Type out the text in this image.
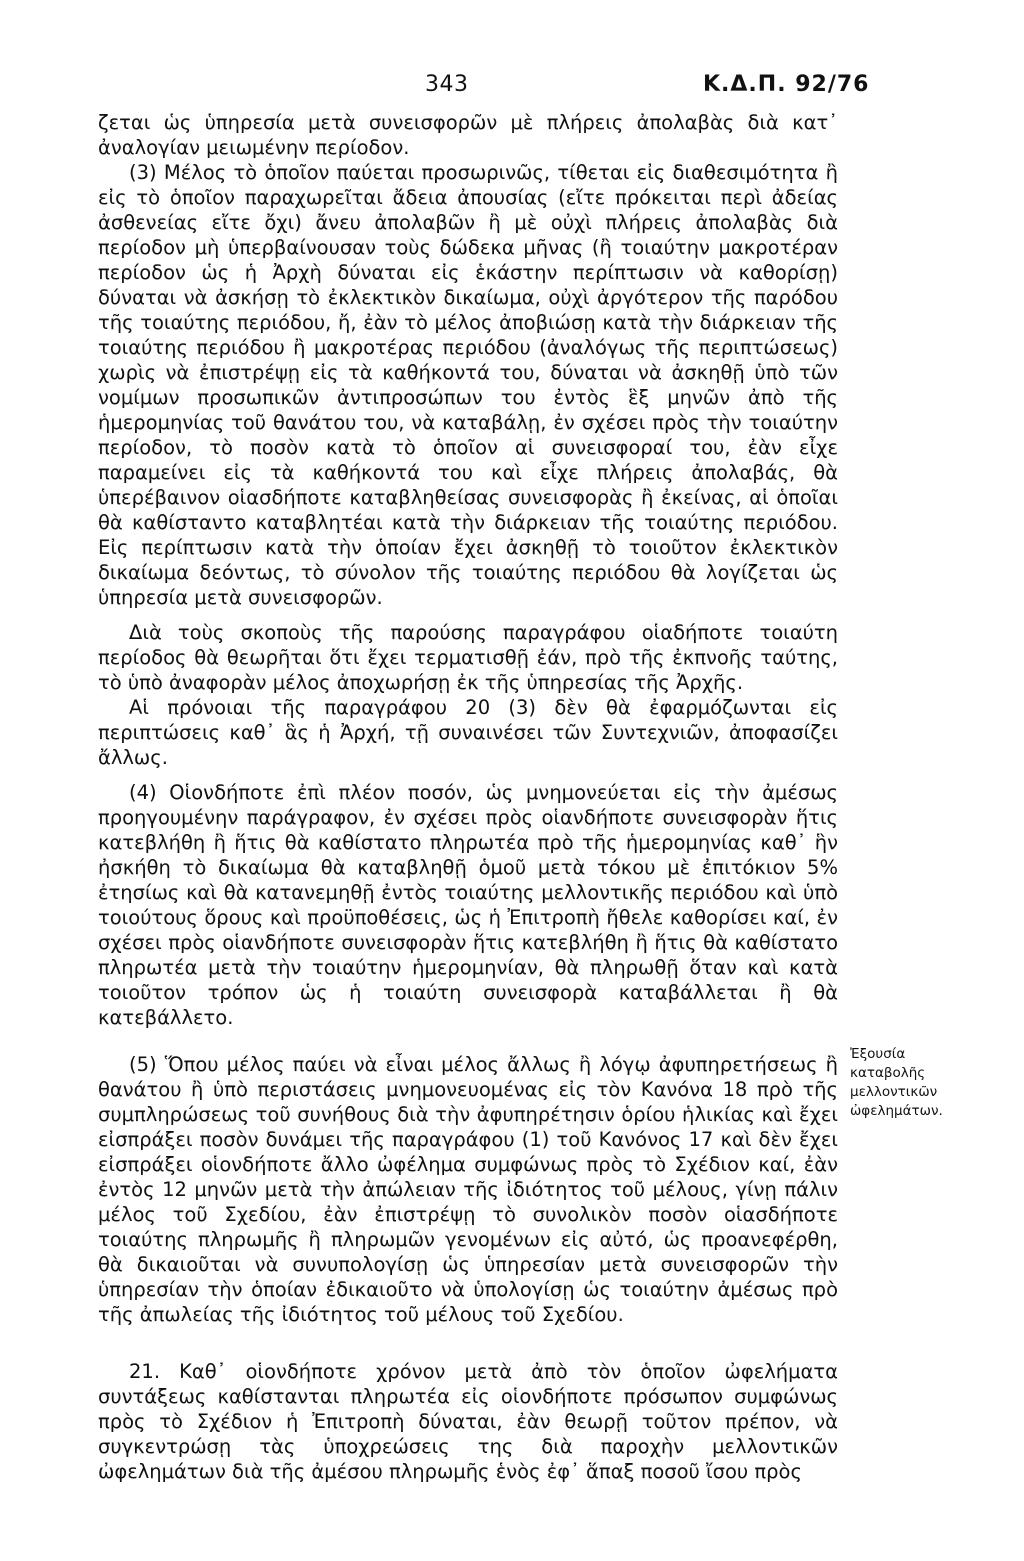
343	Κ.Δ.Π. 92/76

ζεται ὡς ὑπηρεσία μετὰ συνεισφορῶν μὲ πλήρεις ἀπολαβὰς διὰ κατ᾽ ἀναλογίαν μειωμένην περίοδον.

(3) Μέλος τὸ ὁποῖον παύεται προσωρινῶς, τίθεται εἰς διαθεσιμότητα ἢ εἰς τὸ ὁποῖον παραχωρεῖται ἄδεια ἀπουσίας (εἴτε πρόκειται περὶ ἀδείας ἀσθενείας εἴτε ὄχι) ἄνευ ἀπολαβῶν ἢ μὲ οὐχὶ πλήρεις ἀπολαβὰς διὰ περίοδον μὴ ὑπερβαίνουσαν τοὺς δώδεκα μῆνας (ἢ τοιαύτην μακροτέραν περίοδον ὡς ἡ Ἀρχὴ δύναται εἰς ἑκάστην περίπτωσιν νὰ καθορίσῃ) δύναται νὰ ἀσκήσῃ τὸ ἐκλεκτικὸν δικαίωμα, οὐχὶ ἀργότερον τῆς παρόδου τῆς τοιαύτης περιόδου, ἤ, ἐὰν τὸ μέλος ἀποβιώσῃ κατὰ τὴν διάρκειαν τῆς τοιαύτης περιόδου ἢ μακροτέρας περιόδου (ἀναλόγως τῆς περιπτώσεως) χωρὶς νὰ ἐπιστρέψῃ εἰς τὰ καθήκοντά του, δύναται νὰ ἀσκηθῇ ὑπὸ τῶν νομίμων προσωπικῶν ἀντιπροσώπων του ἐντὸς ἓξ μηνῶν ἀπὸ τῆς ἡμερομηνίας τοῦ θανάτου του, νὰ καταβάλῃ, ἐν σχέσει πρὸς τὴν τοιαύτην περίοδον, τὸ ποσὸν κατὰ τὸ ὁποῖον αἱ συνεισφοραί του, ἐὰν εἶχε παραμείνει εἰς τὰ καθήκοντά του καὶ εἶχε πλήρεις ἀπολαβάς, θὰ ὑπερέβαινον οἱασδήποτε καταβληθείσας συνεισφορὰς ἢ ἐκείνας, αἱ ὁποῖαι θὰ καθίσταντο καταβλητέαι κατὰ τὴν διάρκειαν τῆς τοιαύτης περιόδου. Εἰς περίπτωσιν κατὰ τὴν ὁποίαν ἔχει ἀσκηθῇ τὸ τοιοῦτον ἐκλεκτικὸν δικαίωμα δεόντως, τὸ σύνολον τῆς τοιαύτης περιόδου θὰ λογίζεται ὡς ὑπηρεσία μετὰ συνεισφορῶν.

Διὰ τοὺς σκοποὺς τῆς παρούσης παραγράφου οἱαδήποτε τοιαύτη περίοδος θὰ θεωρῆται ὅτι ἔχει τερματισθῇ ἐάν, πρὸ τῆς ἐκπνοῆς ταύτης, τὸ ὑπὸ ἀναφορὰν μέλος ἀποχωρήσῃ ἐκ τῆς ὑπηρεσίας τῆς Ἀρχῆς.

Αἱ πρόνοιαι τῆς παραγράφου 20 (3) δὲν θὰ ἐφαρμόζωνται εἰς περιπτώσεις καθ᾽ ἃς ἡ Ἀρχή, τῇ συναινέσει τῶν Συντεχνιῶν, ἀποφασίζει ἄλλως.

(4) Οἱονδήποτε ἐπὶ πλέον ποσόν, ὡς μνημονεύεται εἰς τὴν ἀμέσως προηγουμένην παράγραφον, ἐν σχέσει πρὸς οἱανδήποτε συνεισφορὰν ἥτις κατεβλήθη ἢ ἥτις θὰ καθίστατο πληρωτέα πρὸ τῆς ἡμερομηνίας καθ᾽ ἣν ἠσκήθη τὸ δικαίωμα θὰ καταβληθῇ ὁμοῦ μετὰ τόκου μὲ ἐπιτόκιον 5% ἐτησίως καὶ θὰ κατανεμηθῇ ἐντὸς τοιαύτης μελλοντικῆς περιόδου καὶ ὑπὸ τοιούτους ὅρους καὶ προϋποθέσεις, ὡς ἡ Ἐπιτροπὴ ἤθελε καθορίσει καί, ἐν σχέσει πρὸς οἱανδήποτε συνεισφορὰν ἥτις κατεβλήθη ἢ ἥτις θὰ καθίστατο πληρωτέα μετὰ τὴν τοιαύτην ἡμερομηνίαν, θὰ πληρωθῇ ὅταν καὶ κατὰ τοιοῦτον τρόπον ὡς ἡ τοιαύτη συνεισφορὰ καταβάλλεται ἢ θὰ κατεβάλλετο.

(5) Ὅπου μέλος παύει νὰ εἶναι μέλος ἄλλως ἢ λόγῳ ἀφυπηρετήσεως ἢ θανάτου ἢ ὑπὸ περιστάσεις μνημονευομένας εἰς τὸν Κανόνα 18 πρὸ τῆς συμπληρώσεως τοῦ συνήθους διὰ τὴν ἀφυπηρέτησιν ὁρίου ἡλικίας καὶ ἔχει εἰσπράξει ποσὸν δυνάμει τῆς παραγράφου (1) τοῦ Κανόνος 17 καὶ δὲν ἔχει εἰσπράξει οἱονδήποτε ἄλλο ὠφέλημα συμφώνως πρὸς τὸ Σχέδιον καί, ἐὰν ἐντὸς 12 μηνῶν μετὰ τὴν ἀπώλειαν τῆς ἰδιότητος τοῦ μέλους, γίνῃ πάλιν μέλος τοῦ Σχεδίου, ἐὰν ἐπιστρέψῃ τὸ συνολικὸν ποσὸν οἱασδήποτε τοιαύτης πληρωμῆς ἢ πληρωμῶν γενομένων εἰς αὐτό, ὡς προανεφέρθη, θὰ δικαιοῦται νὰ συνυπολογίσῃ ὡς ὑπηρεσίαν μετὰ συνεισφορῶν τὴν ὑπηρεσίαν τὴν ὁποίαν ἐδικαιοῦτο νὰ ὑπολογίσῃ ὡς τοιαύτην ἀμέσως πρὸ τῆς ἀπωλείας τῆς ἰδιότητος τοῦ μέλους τοῦ Σχεδίου.

21. Καθ᾽ οἱονδήποτε χρόνον μετὰ ἀπὸ τὸν ὁποῖον ὠφελήματα συντάξεως καθίστανται πληρωτέα εἰς οἱονδήποτε πρόσωπον συμφώνως πρὸς τὸ Σχέδιον ἡ Ἐπιτροπὴ δύναται, ἐὰν θεωρῇ τοῦτον πρέπον, νὰ συγκεντρώσῃ τὰς ὑποχρεώσεις της διὰ παροχὴν μελλοντικῶν ὠφελημάτων διὰ τῆς ἀμέσου πληρωμῆς ἑνὸς ἐφ᾽ ἅπαξ ποσοῦ ἴσου πρὸς

Ἐξουσία
καταβολῆς
μελλοντικῶν
ὠφελημάτων.
